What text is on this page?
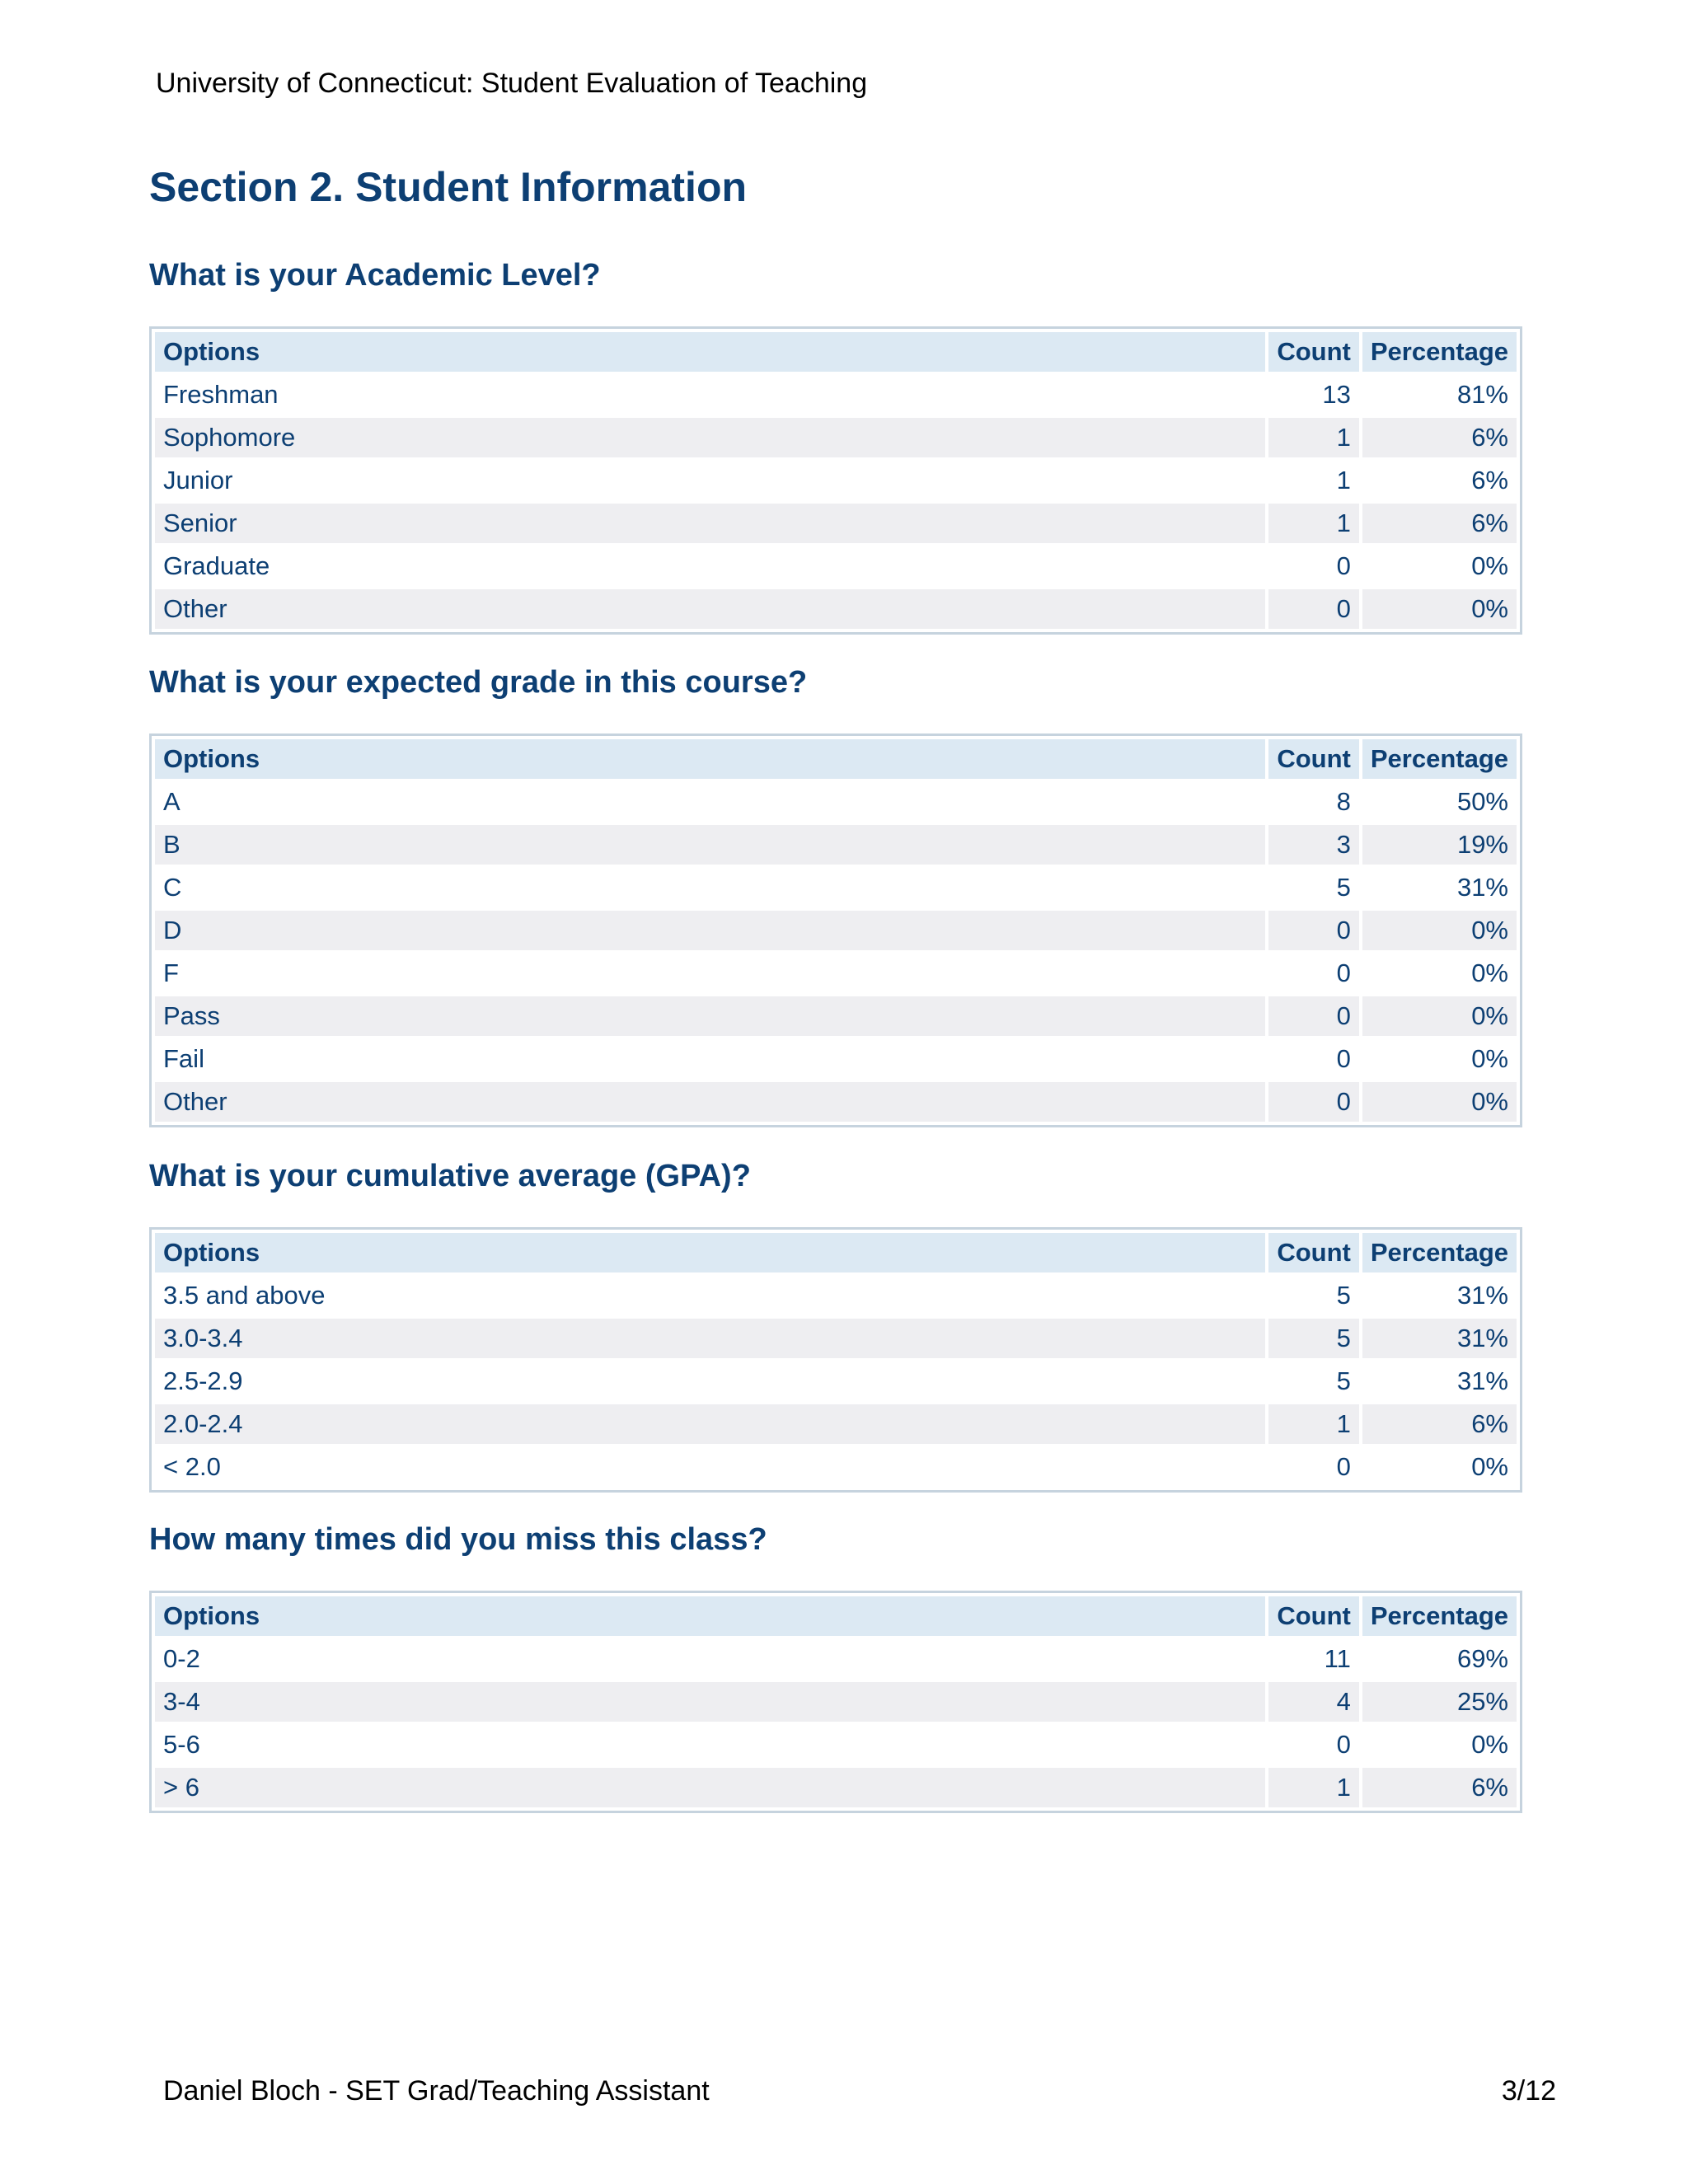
University of Connecticut: Student Evaluation of Teaching
Section 2. Student Information
What is your Academic Level?
Options	Count	Percentage
Freshman	13	81%
Sophomore	1	6%
Junior	1	6%
Senior	1	6%
Graduate	0	0%
Other	0	0%
What is your expected grade in this course?
Options	Count	Percentage
A	8	50%
B	3	19%
C	5	31%
D	0	0%
F	0	0%
Pass	0	0%
Fail	0	0%
Other	0	0%
What is your cumulative average (GPA)?
Options	Count	Percentage
3.5 and above	5	31%
3.0-3.4	5	31%
2.5-2.9	5	31%
2.0-2.4	1	6%
< 2.0	0	0%
How many times did you miss this class?
Options	Count	Percentage
0-2	11	69%
3-4	4	25%
5-6	0	0%
> 6	1	6%
Daniel Bloch - SET Grad/Teaching Assistant	3/12
